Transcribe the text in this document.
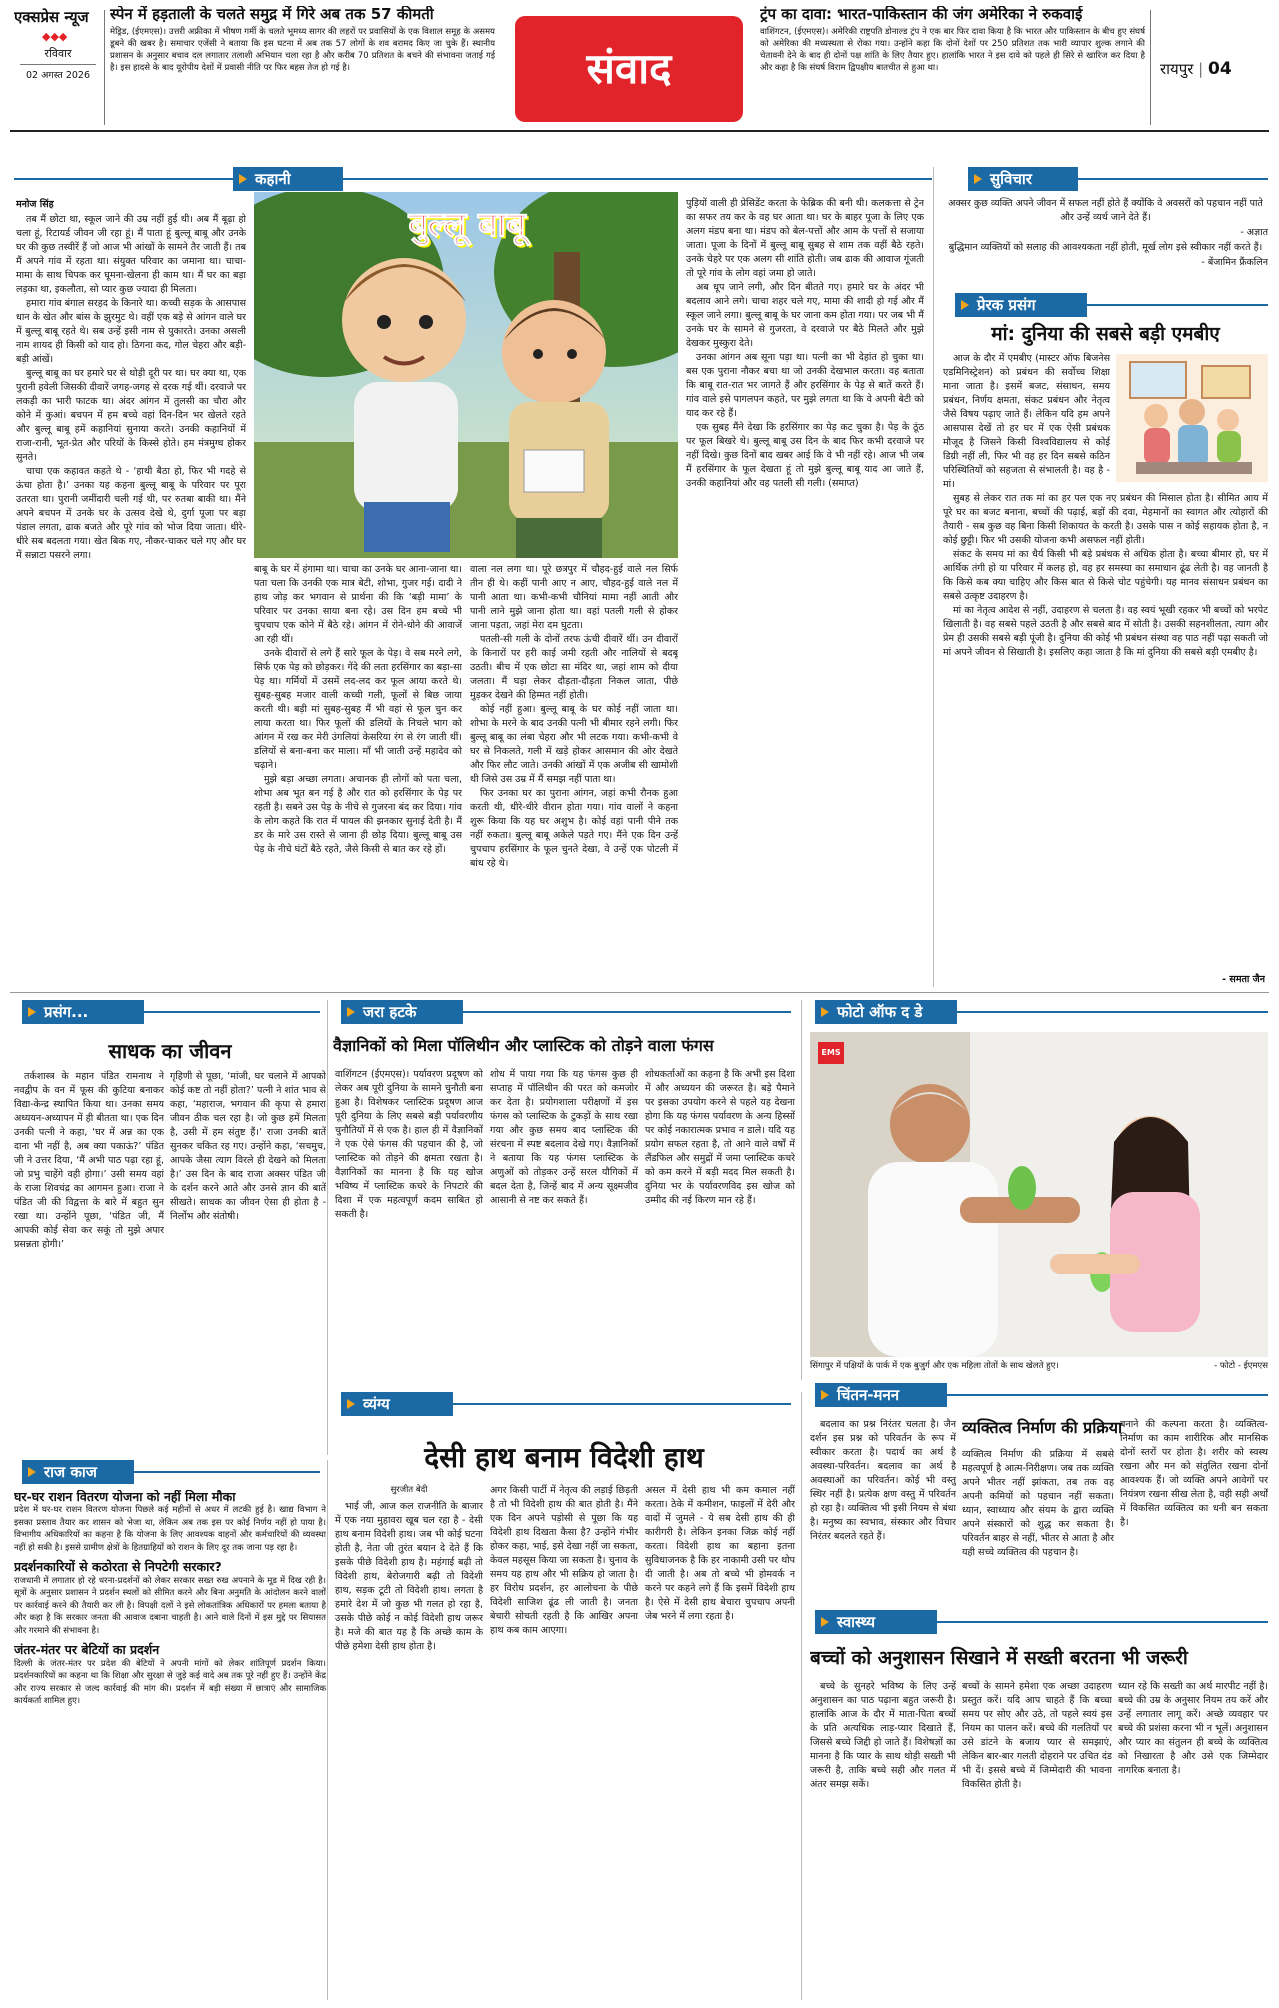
एक्सप्रेस न्यूज
◆◆◆
रविवार
02 अगस्त 2026
स्पेन में हड़ताली के चलते समुद्र में गिरे अब तक 57 कीमती

मेड्रिड, (ईएमएस)। उत्तरी अफ्रीका में भीषण गर्मी के चलते भूमध्य सागर की लहरों पर प्रवासियों के एक विशाल समूह के असमय डूबने की खबर है। समाचार एजेंसी ने बताया कि इस घटना में अब तक 57 लोगों के शव बरामद किए जा चुके हैं। स्थानीय प्रशासन के अनुसार बचाव दल लगातार तलाशी अभियान चला रहा है और करीब 70 प्रतिशत के बचने की संभावना जताई गई है। इस हादसे के बाद यूरोपीय देशों में प्रवासी नीति पर फिर बहस तेज हो गई है।	संवाद
ट्रंप का दावा: भारत-पाकिस्तान की जंग अमेरिका ने रुकवाई

वाशिंगटन, (ईएमएस)। अमेरिकी राष्ट्रपति डोनाल्ड ट्रंप ने एक बार फिर दावा किया है कि भारत और पाकिस्तान के बीच हुए संघर्ष को अमेरिका की मध्यस्थता से रोका गया। उन्होंने कहा कि दोनों देशों पर 250 प्रतिशत तक भारी व्यापार शुल्क लगाने की चेतावनी देने के बाद ही दोनों पक्ष शांति के लिए तैयार हुए। हालांकि भारत ने इस दावे को पहले ही सिरे से खारिज कर दिया है और कहा है कि संघर्ष विराम द्विपक्षीय बातचीत से हुआ था।	रायपुर | 04
कहानी
मनोज सिंह

तब मैं छोटा था, स्कूल जाने की उम्र नहीं हुई थी। अब मैं बूढ़ा हो चला हूं, रिटायर्ड जीवन जी रहा हूं। मैं पाता हूं बुल्लू बाबू और उनके घर की कुछ तस्वीरें हैं जो आज भी आंखों के सामने तैर जाती हैं। तब मैं अपने गांव में रहता था। संयुक्त परिवार का जमाना था। चाचा-मामा के साथ चिपक कर घूमना-खेलना ही काम था। मैं घर का बड़ा लड़का था, इकलौता, सो प्यार कुछ ज्यादा ही मिलता।

हमारा गांव बंगाल सरहद के किनारे था। कच्ची सड़क के आसपास धान के खेत और बांस के झुरमुट थे। वहीं एक बड़े से आंगन वाले घर में बुल्लू बाबू रहते थे। सब उन्हें इसी नाम से पुकारते। उनका असली नाम शायद ही किसी को याद हो। ठिगना कद, गोल चेहरा और बड़ी-बड़ी आंखें।

बुल्लू बाबू का घर हमारे घर से थोड़ी दूरी पर था। घर क्या था, एक पुरानी हवेली जिसकी दीवारें जगह-जगह से दरक गई थीं। दरवाजे पर लकड़ी का भारी फाटक था। अंदर आंगन में तुलसी का चौरा और कोने में कुआं। बचपन में हम बच्चे वहां दिन-दिन भर खेलते रहते और बुल्लू बाबू हमें कहानियां सुनाया करते। उनकी कहानियों में राजा-रानी, भूत-प्रेत और परियों के किस्से होते। हम मंत्रमुग्ध होकर सुनते।

चाचा एक कहावत कहते थे - ‘हाथी बैठा हो, फिर भी गदहे से ऊंचा होता है।’ उनका यह कहना बुल्लू बाबू के परिवार पर पूरा उतरता था। पुरानी जमींदारी चली गई थी, पर रुतबा बाकी था। मैंने अपने बचपन में उनके घर के उत्सव देखे थे, दुर्गा पूजा पर बड़ा पंडाल लगता, ढाक बजते और पूरे गांव को भोज दिया जाता। धीरे-धीरे सब बदलता गया। खेत बिक गए, नौकर-चाकर चले गए और घर में सन्नाटा पसरने लगा।

बुल्लू बाबू

बाबू के घर में हंगामा था। चाचा का उनके घर आना-जाना था। पता चला कि उनकी एक मात्र बेटी, शोभा, गुजर गई। दादी ने हाथ जोड़ कर भगवान से प्रार्थना की कि ‘बड़ी मामा’ के परिवार पर उनका साया बना रहे। उस दिन हम बच्चे भी चुपचाप एक कोने में बैठे रहे। आंगन में रोने-धोने की आवाजें आ रही थीं।

उनके दीवारों से लगे हैं सारे फूल के पेड़। वे सब मरने लगे, सिर्फ एक पेड़ को छोड़कर। गेंदे की लता हरसिंगार का बड़ा-सा पेड़ था। गर्मियों में उसमें लद-लद कर फूल आया करते थे। सुबह-सुबह मजार वाली कच्ची गली, फूलों से बिछ जाया करती थी। बड़ी मां सुबह-सुबह मैं भी वहां से फूल चुन कर लाया करता था। फिर फूलों की डलियों के निचले भाग को आंगन में रख कर मेरी उंगलियां केसरिया रंग से रंग जाती थीं। डलियों से बना-बना कर माला। माँ भी जाती उन्हें महादेव को चढ़ाने।

मुझे बड़ा अच्छा लगता। अचानक ही लोगों को पता चला, शोभा अब भूत बन गई है और रात को हरसिंगार के पेड़ पर रहती है। सबने उस पेड़ के नीचे से गुजरना बंद कर दिया। गांव के लोग कहते कि रात में पायल की झनकार सुनाई देती है। मैं डर के मारे उस रास्ते से जाना ही छोड़ दिया। बुल्लू बाबू उस पेड़ के नीचे घंटों बैठे रहते, जैसे किसी से बात कर रहे हों।

वाला नल लगा था। पूरे छत्रपुर में चौहद-हुई वाले नल सिर्फ तीन ही थे। कहीं पानी आए न आए, चौहद-हुई वाले नल में पानी आता था। कभी-कभी चौनियां मामा नहीं आती और पानी लाने मुझे जाना होता था। वहां पतली गली से होकर जाना पड़ता, जहां मेरा दम घुटता।

पतली-सी गली के दोनों तरफ ऊंची दीवारें थीं। उन दीवारों के किनारों पर हरी काई जमी रहती और नालियों से बदबू उठती। बीच में एक छोटा सा मंदिर था, जहां शाम को दीया जलता। मैं घड़ा लेकर दौड़ता-दौड़ता निकल जाता, पीछे मुड़कर देखने की हिम्मत नहीं होती।

कोई नहीं हुआ। बुल्लू बाबू के घर कोई नहीं जाता था। शोभा के मरने के बाद उनकी पत्नी भी बीमार रहने लगी। फिर बुल्लू बाबू का लंबा चेहरा और भी लटक गया। कभी-कभी वे घर से निकलते, गली में खड़े होकर आसमान की ओर देखते और फिर लौट जाते। उनकी आंखों में एक अजीब सी खामोशी थी जिसे उस उम्र में मैं समझ नहीं पाता था।

फिर उनका घर का पुराना आंगन, जहां कभी रौनक हुआ करती थी, धीरे-धीरे वीरान होता गया। गांव वालों ने कहना शुरू किया कि यह घर अशुभ है। कोई वहां पानी पीने तक नहीं रुकता। बुल्लू बाबू अकेले पड़ते गए। मैंने एक दिन उन्हें चुपचाप हरसिंगार के फूल चुनते देखा, वे उन्हें एक पोटली में बांध रहे थे।

पुड़ियों वाली ही प्रेसिडेंट करता के फेब्रिक की बनी थी। कलकत्ता से ट्रेन का सफर तय कर के वह घर आता था। घर के बाहर पूजा के लिए एक अलग मंडप बना था। मंडप को बेल-पत्तों और आम के पत्तों से सजाया जाता। पूजा के दिनों में बुल्लू बाबू सुबह से शाम तक वहीं बैठे रहते। उनके चेहरे पर एक अलग सी शांति होती। जब ढाक की आवाज गूंजती तो पूरे गांव के लोग वहां जमा हो जाते।

अब धूप जाने लगी, और दिन बीतते गए। हमारे घर के अंदर भी बदलाव आने लगे। चाचा शहर चले गए, मामा की शादी हो गई और मैं स्कूल जाने लगा। बुल्लू बाबू के घर जाना कम होता गया। पर जब भी मैं उनके घर के सामने से गुजरता, वे दरवाजे पर बैठे मिलते और मुझे देखकर मुस्कुरा देते।

उनका आंगन अब सूना पड़ा था। पत्नी का भी देहांत हो चुका था। बस एक पुराना नौकर बचा था जो उनकी देखभाल करता। वह बताता कि बाबू रात-रात भर जागते हैं और हरसिंगार के पेड़ से बातें करते हैं। गांव वाले इसे पागलपन कहते, पर मुझे लगता था कि वे अपनी बेटी को याद कर रहे हैं।

एक सुबह मैंने देखा कि हरसिंगार का पेड़ कट चुका है। पेड़ के ठूंठ पर फूल बिखरे थे। बुल्लू बाबू उस दिन के बाद फिर कभी दरवाजे पर नहीं दिखे। कुछ दिनों बाद खबर आई कि वे भी नहीं रहे। आज भी जब मैं हरसिंगार के फूल देखता हूं तो मुझे बुल्लू बाबू याद आ जाते हैं, उनकी कहानियां और वह पतली सी गली। (समाप्त)

सुविचार

अक्सर कुछ व्यक्ति अपने जीवन में सफल नहीं होते हैं क्योंकि वे अवसरों को पहचान नहीं पाते और उन्हें व्यर्थ जाने देते हैं।

- अज्ञात

बुद्धिमान व्यक्तियों को सलाह की आवश्यकता नहीं होती, मूर्ख लोग इसे स्वीकार नहीं करते हैं।

- बेंजामिन फ्रैंकलिन
प्रेरक प्रसंग
मां: दुनिया की सबसे बड़ी एमबीए

आज के दौर में एमबीए (मास्टर ऑफ बिजनेस एडमिनिस्ट्रेशन) को प्रबंधन की सर्वोच्च शिक्षा माना जाता है। इसमें बजट, संसाधन, समय प्रबंधन, निर्णय क्षमता, संकट प्रबंधन और नेतृत्व जैसे विषय पढ़ाए जाते हैं। लेकिन यदि हम अपने आसपास देखें तो हर घर में एक ऐसी प्रबंधक मौजूद है जिसने किसी विश्वविद्यालय से कोई डिग्री नहीं ली, फिर भी वह हर दिन सबसे कठिन परिस्थितियों को सहजता से संभालती है। वह है - मां।

सुबह से लेकर रात तक मां का हर पल एक नए प्रबंधन की मिसाल होता है। सीमित आय में पूरे घर का बजट बनाना, बच्चों की पढ़ाई, बड़ों की दवा, मेहमानों का स्वागत और त्योहारों की तैयारी - सब कुछ वह बिना किसी शिकायत के करती है। उसके पास न कोई सहायक होता है, न कोई छुट्टी। फिर भी उसकी योजना कभी असफल नहीं होती।

संकट के समय मां का धैर्य किसी भी बड़े प्रबंधक से अधिक होता है। बच्चा बीमार हो, घर में आर्थिक तंगी हो या परिवार में कलह हो, वह हर समस्या का समाधान ढूंढ लेती है। वह जानती है कि किसे कब क्या चाहिए और किस बात से किसे चोट पहुंचेगी। यह मानव संसाधन प्रबंधन का सबसे उत्कृष्ट उदाहरण है।

मां का नेतृत्व आदेश से नहीं, उदाहरण से चलता है। वह स्वयं भूखी रहकर भी बच्चों को भरपेट खिलाती है। वह सबसे पहले उठती है और सबसे बाद में सोती है। उसकी सहनशीलता, त्याग और प्रेम ही उसकी सबसे बड़ी पूंजी है। दुनिया की कोई भी प्रबंधन संस्था वह पाठ नहीं पढ़ा सकती जो मां अपने जीवन से सिखाती है। इसलिए कहा जाता है कि मां दुनिया की सबसे बड़ी एमबीए है।

- समता जैन
प्रसंग...
साधक का जीवन

तर्कशास्त्र के महान पंडित रामनाथ ने नवद्वीप के वन में फूस की कुटिया बनाकर विद्या-केन्द्र स्थापित किया था। उनका समय अध्ययन-अध्यापन में ही बीतता था। एक दिन उनकी पत्नी ने कहा, ‘घर में अन्न का एक दाना भी नहीं है, अब क्या पकाऊं?’ पंडित जी ने उत्तर दिया, ‘मैं अभी पाठ पढ़ा रहा हूं, जो प्रभु चाहेंगे वही होगा।’ उसी समय वहां के राजा शिवचंद्र का आगमन हुआ। राजा ने पंडित जी की विद्वत्ता के बारे में बहुत सुन रखा था। उन्होंने पूछा, ‘पंडित जी, मैं आपकी कोई सेवा कर सकूं तो मुझे अपार प्रसन्नता होगी।’

गृहिणी से पूछा, ‘मांजी, घर चलाने में आपको कोई कष्ट तो नहीं होता?’ पत्नी ने शांत भाव से कहा, ‘महाराज, भगवान की कृपा से हमारा जीवन ठीक चल रहा है। जो कुछ हमें मिलता है, उसी में हम संतुष्ट हैं।’ राजा उनकी बातें सुनकर चकित रह गए। उन्होंने कहा, ‘सचमुच, आपके जैसा त्याग विरले ही देखने को मिलता है।’ उस दिन के बाद राजा अक्सर पंडित जी के दर्शन करने आते और उनसे ज्ञान की बातें सीखते। साधक का जीवन ऐसा ही होता है - निर्लोभ और संतोषी।

जरा हटके
वैज्ञानिकों को मिला पॉलिथीन और प्लास्टिक को तोड़ने वाला फंगस

वाशिंगटन (ईएमएस)। पर्यावरण प्रदूषण को लेकर अब पूरी दुनिया के सामने चुनौती बना हुआ है। विशेषकर प्लास्टिक प्रदूषण आज पूरी दुनिया के लिए सबसे बड़ी पर्यावरणीय चुनौतियों में से एक है। हाल ही में वैज्ञानिकों ने एक ऐसे फंगस की पहचान की है, जो प्लास्टिक को तोड़ने की क्षमता रखता है। वैज्ञानिकों का मानना है कि यह खोज भविष्य में प्लास्टिक कचरे के निपटारे की दिशा में एक महत्वपूर्ण कदम साबित हो सकती है।

शोध में पाया गया कि यह फंगस कुछ ही सप्ताह में पॉलिथीन की परत को कमजोर कर देता है। प्रयोगशाला परीक्षणों में इस फंगस को प्लास्टिक के टुकड़ों के साथ रखा गया और कुछ समय बाद प्लास्टिक की संरचना में स्पष्ट बदलाव देखे गए। वैज्ञानिकों ने बताया कि यह फंगस प्लास्टिक के अणुओं को तोड़कर उन्हें सरल यौगिकों में बदल देता है, जिन्हें बाद में अन्य सूक्ष्मजीव आसानी से नष्ट कर सकते हैं।

शोधकर्ताओं का कहना है कि अभी इस दिशा में और अध्ययन की जरूरत है। बड़े पैमाने पर इसका उपयोग करने से पहले यह देखना होगा कि यह फंगस पर्यावरण के अन्य हिस्सों पर कोई नकारात्मक प्रभाव न डाले। यदि यह प्रयोग सफल रहता है, तो आने वाले वर्षों में लैंडफिल और समुद्रों में जमा प्लास्टिक कचरे को कम करने में बड़ी मदद मिल सकती है। दुनिया भर के पर्यावरणविद इस खोज को उम्मीद की नई किरण मान रहे हैं।

फोटो ऑफ द डे
EMS
सिंगापुर में पक्षियों के पार्क में एक बुजुर्ग और एक महिला तोतों के साथ खेलते हुए।	- फोटो - ईएमएस
राज काज
घर-घर राशन वितरण योजना को नहीं मिला मौका

प्रदेश में घर-घर राशन वितरण योजना पिछले कई महीनों से अधर में लटकी हुई है। खाद्य विभाग ने इसका प्रस्ताव तैयार कर शासन को भेजा था, लेकिन अब तक इस पर कोई निर्णय नहीं हो पाया है। विभागीय अधिकारियों का कहना है कि योजना के लिए आवश्यक वाहनों और कर्मचारियों की व्यवस्था नहीं हो सकी है। इससे ग्रामीण क्षेत्रों के हितग्राहियों को राशन के लिए दूर तक जाना पड़ रहा है।

प्रदर्शनकारियों से कठोरता से निपटेगी सरकार?

राजधानी में लगातार हो रहे धरना-प्रदर्शनों को लेकर सरकार सख्त रुख अपनाने के मूड में दिख रही है। सूत्रों के अनुसार प्रशासन ने प्रदर्शन स्थलों को सीमित करने और बिना अनुमति के आंदोलन करने वालों पर कार्रवाई करने की तैयारी कर ली है। विपक्षी दलों ने इसे लोकतांत्रिक अधिकारों पर हमला बताया है और कहा है कि सरकार जनता की आवाज दबाना चाहती है। आने वाले दिनों में इस मुद्दे पर सियासत और गरमाने की संभावना है।

जंतर-मंतर पर बेटियों का प्रदर्शन

दिल्ली के जंतर-मंतर पर प्रदेश की बेटियों ने अपनी मांगों को लेकर शांतिपूर्ण प्रदर्शन किया। प्रदर्शनकारियों का कहना था कि शिक्षा और सुरक्षा से जुड़े कई वादे अब तक पूरे नहीं हुए हैं। उन्होंने केंद्र और राज्य सरकार से जल्द कार्रवाई की मांग की। प्रदर्शन में बड़ी संख्या में छात्राएं और सामाजिक कार्यकर्ता शामिल हुए।

व्यंग्य
देसी हाथ बनाम विदेशी हाथ
सुरजीत बेदी

भाई जी, आज कल राजनीति के बाजार में एक नया मुहावरा खूब चल रहा है - देसी हाथ बनाम विदेशी हाथ। जब भी कोई घटना होती है, नेता जी तुरंत बयान दे देते हैं कि इसके पीछे विदेशी हाथ है। महंगाई बढ़ी तो विदेशी हाथ, बेरोजगारी बढ़ी तो विदेशी हाथ, सड़क टूटी तो विदेशी हाथ। लगता है हमारे देश में जो कुछ भी गलत हो रहा है, उसके पीछे कोई न कोई विदेशी हाथ जरूर है। मजे की बात यह है कि अच्छे काम के पीछे हमेशा देसी हाथ होता है।

अगर किसी पार्टी में नेतृत्व की लड़ाई छिड़ती है तो भी विदेशी हाथ की बात होती है। मैंने एक दिन अपने पड़ोसी से पूछा कि यह विदेशी हाथ दिखता कैसा है? उन्होंने गंभीर होकर कहा, भाई, इसे देखा नहीं जा सकता, केवल महसूस किया जा सकता है। चुनाव के समय यह हाथ और भी सक्रिय हो जाता है। हर विरोध प्रदर्शन, हर आलोचना के पीछे विदेशी साजिश ढूंढ ली जाती है। जनता बेचारी सोचती रहती है कि आखिर अपना हाथ कब काम आएगा।

असल में देसी हाथ भी कम कमाल नहीं करता। ठेके में कमीशन, फाइलों में देरी और वादों में जुमले - ये सब देसी हाथ की ही कारीगरी है। लेकिन इनका जिक्र कोई नहीं करता। विदेशी हाथ का बहाना इतना सुविधाजनक है कि हर नाकामी उसी पर थोप दी जाती है। अब तो बच्चे भी होमवर्क न करने पर कहने लगे हैं कि इसमें विदेशी हाथ है। ऐसे में देसी हाथ बेचारा चुपचाप अपनी जेब भरने में लगा रहता है।

चिंतन-मनन

बदलाव का प्रश्न निरंतर चलता है। जैन दर्शन इस प्रश्न को परिवर्तन के रूप में स्वीकार करता है। पदार्थ का अर्थ है अवस्था-परिवर्तन। बदलाव का अर्थ है अवस्थाओं का परिवर्तन। कोई भी वस्तु स्थिर नहीं है। प्रत्येक क्षण वस्तु में परिवर्तन हो रहा है। व्यक्तित्व भी इसी नियम से बंधा है। मनुष्य का स्वभाव, संस्कार और विचार निरंतर बदलते रहते हैं।

व्यक्तित्व निर्माण की प्रक्रिया

व्यक्तित्व निर्माण की प्रक्रिया में सबसे महत्वपूर्ण है आत्म-निरीक्षण। जब तक व्यक्ति अपने भीतर नहीं झांकता, तब तक वह अपनी कमियों को पहचान नहीं सकता। ध्यान, स्वाध्याय और संयम के द्वारा व्यक्ति अपने संस्कारों को शुद्ध कर सकता है। परिवर्तन बाहर से नहीं, भीतर से आता है और यही सच्चे व्यक्तित्व की पहचान है।

बनाने की कल्पना करता है। व्यक्तित्व-निर्माण का काम शारीरिक और मानसिक दोनों स्तरों पर होता है। शरीर को स्वस्थ रखना और मन को संतुलित रखना दोनों आवश्यक हैं। जो व्यक्ति अपने आवेगों पर नियंत्रण रखना सीख लेता है, वही सही अर्थों में विकसित व्यक्तित्व का धनी बन सकता है।

स्वास्थ्य
बच्चों को अनुशासन सिखाने में सख्ती बरतना भी जरूरी

बच्चे के सुनहरे भविष्य के लिए उन्हें अनुशासन का पाठ पढ़ाना बहुत जरूरी है। हालांकि आज के दौर में माता-पिता बच्चों के प्रति अत्यधिक लाड़-प्यार दिखाते हैं, जिससे बच्चे जिद्दी हो जाते हैं। विशेषज्ञों का मानना है कि प्यार के साथ थोड़ी सख्ती भी जरूरी है, ताकि बच्चे सही और गलत में अंतर समझ सकें।

बच्चों के सामने हमेशा एक अच्छा उदाहरण प्रस्तुत करें। यदि आप चाहते हैं कि बच्चा समय पर सोए और उठे, तो पहले स्वयं इस नियम का पालन करें। बच्चे की गलतियों पर उसे डांटने के बजाय प्यार से समझाएं, लेकिन बार-बार गलती दोहराने पर उचित दंड भी दें। इससे बच्चे में जिम्मेदारी की भावना विकसित होती है।

ध्यान रहे कि सख्ती का अर्थ मारपीट नहीं है। बच्चे की उम्र के अनुसार नियम तय करें और उन्हें लगातार लागू करें। अच्छे व्यवहार पर बच्चे की प्रशंसा करना भी न भूलें। अनुशासन और प्यार का संतुलन ही बच्चे के व्यक्तित्व को निखारता है और उसे एक जिम्मेदार नागरिक बनाता है।
